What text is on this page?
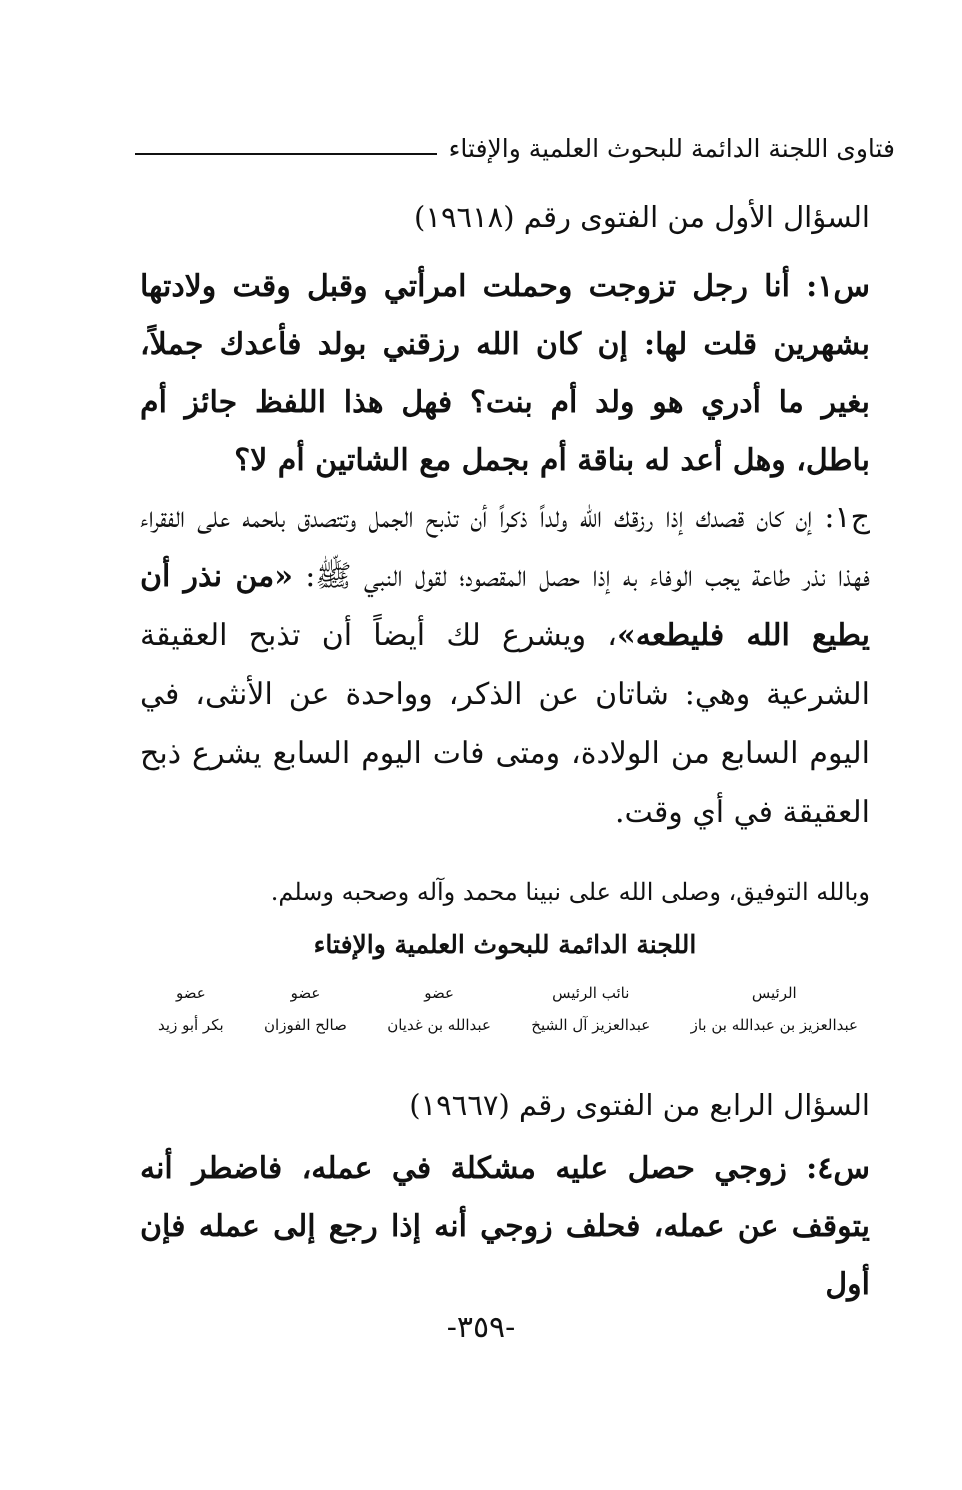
فتاوى اللجنة الدائمة للبحوث العلمية والإفتاء
السؤال الأول من الفتوى رقم (١٩٦١٨)
س١: أنا رجل تزوجت وحملت امرأتي وقبل وقت ولادتها بشهرين قلت لها: إن كان الله رزقني بولد فأعدك جملاً، بغير ما أدري هو ولد أم بنت؟ فهل هذا اللفظ جائز أم باطل، وهل أعد له بناقة أم بجمل مع الشاتين أم لا؟
ج١: إن كان قصدك إذا رزقك الله ولداً ذكراً أن تذبح الجمل وتتصدق بلحمه على الفقراء فهذا نذر طاعة يجب الوفاء به إذا حصل المقصود؛ لقول النبي ﷺ: «من نذر أن يطيع الله فليطعه»، ويشرع لك أيضاً أن تذبح العقيقة الشرعية وهي: شاتان عن الذكر، وواحدة عن الأنثى، في اليوم السابع من الولادة، ومتى فات اليوم السابع يشرع ذبح العقيقة في أي وقت.
وبالله التوفيق، وصلى الله على نبينا محمد وآله وصحبه وسلم.
اللجنة الدائمة للبحوث العلمية والإفتاء
الرئيس
عبدالعزيز بن عبدالله بن باز
نائب الرئيس
عبدالعزيز آل الشيخ
عضو
عبدالله بن غديان
عضو
صالح الفوزان
عضو
بكر أبو زيد
السؤال الرابع من الفتوى رقم (١٩٦٦٧)
س٤: زوجي حصل عليه مشكلة في عمله، فاضطر أنه يتوقف عن عمله، فحلف زوجي أنه إذا رجع إلى عمله فإن أول
-٣٥٩-
